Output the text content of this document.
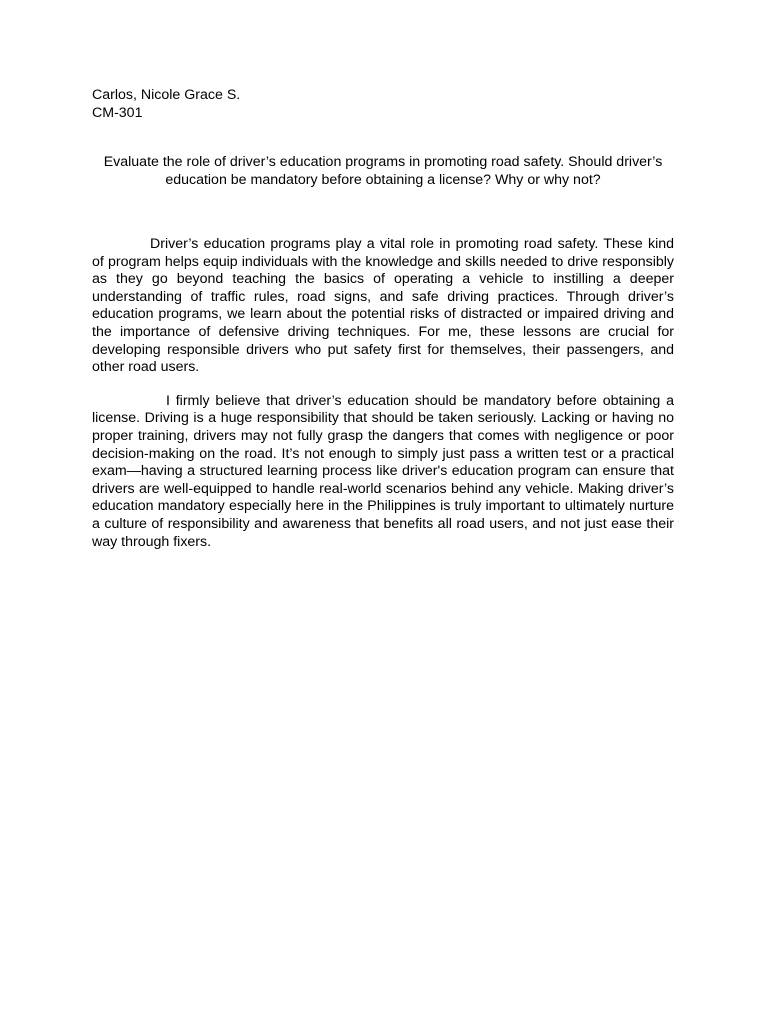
Carlos, Nicole Grace S.
CM-301
Evaluate the role of driver’s education programs in promoting road safety. Should driver’s education be mandatory before obtaining a license? Why or why not?

Driver’s education programs play a vital role in promoting road safety. These kind of program helps equip individuals with the knowledge and skills needed to drive responsibly as they go beyond teaching the basics of operating a vehicle to instilling a deeper understanding of traffic rules, road signs, and safe driving practices. Through driver’s education programs, we learn about the potential risks of distracted or impaired driving and the importance of defensive driving techniques. For me, these lessons are crucial for developing responsible drivers who put safety first for themselves, their passengers, and other road users.

I firmly believe that driver’s education should be mandatory before obtaining a license. Driving is a huge responsibility that should be taken seriously. Lacking or having no proper training, drivers may not fully grasp the dangers that comes with negligence or poor decision-making on the road. It’s not enough to simply just pass a written test or a practical exam—having a structured learning process like driver's education program can ensure that drivers are well-equipped to handle real-world scenarios behind any vehicle. Making driver’s education mandatory especially here in the Philippines is truly important to ultimately nurture a culture of responsibility and awareness that benefits all road users, and not just ease their way through fixers.
